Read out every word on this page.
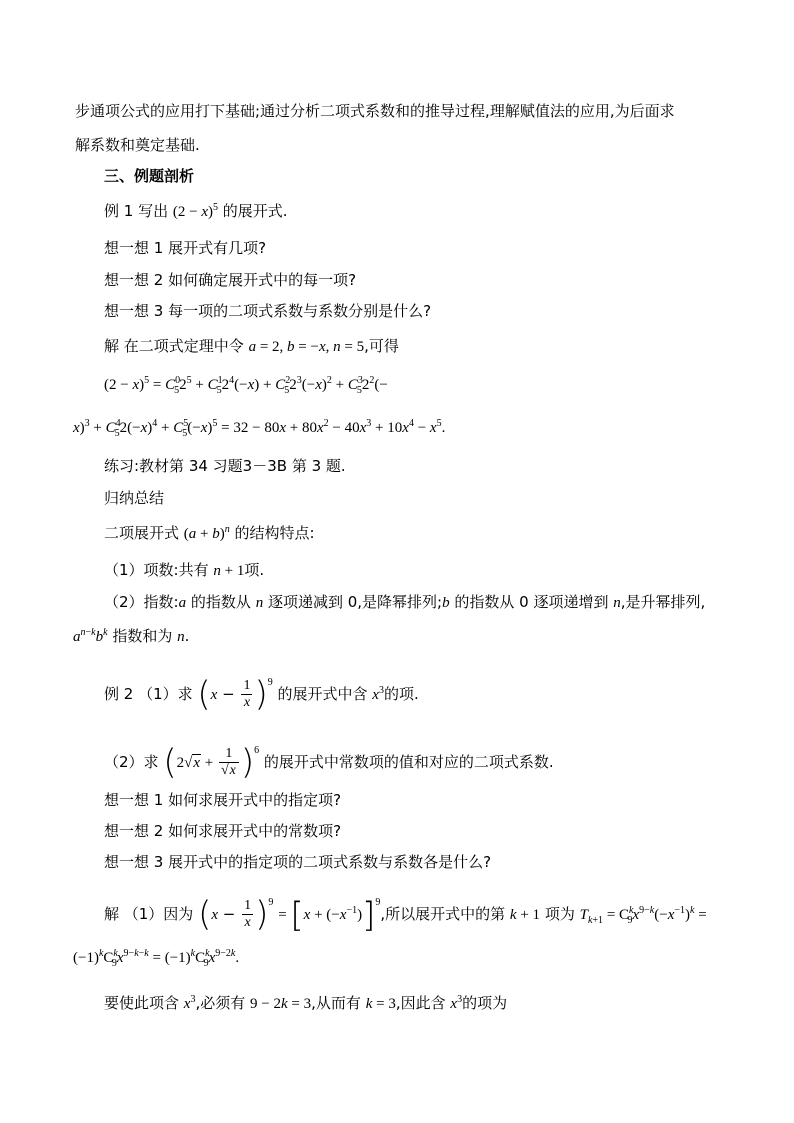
步通项公式的应用打下基础;通过分析二项式系数和的推导过程,理解赋值法的应用,为后面求
解系数和奠定基础.
三、例题剖析
例 1 写出 $(2 - x)^5$ 的展开式.
想一想 1 展开式有几项?
想一想 2 如何确定展开式中的每一项?
想一想 3 每一项的二项式系数与系数分别是什么?
解 在二项式定理中令 a = 2, b = −x, n = 5,可得
$(2 - x)^5 = C^0_52^5 + C^1_52^4(-x) + C^2_52^3(-x)^2 + C^3_52^2(-$
$x)^3 + C^4_52(-x)^4 + C^5_5(-x)^5 = 32 - 80x + 80x^2 - 40x^3 + 10x^4 - x^5$.
练习:教材第 34 习题3－3B 第 3 题.
归纳总结
二项展开式 $(a + b)^n$ 的结构特点:
（1）项数:共有 n + 1项.
（2）指数:a 的指数从 n 逐项递减到 0,是降幂排列;b 的指数从 0 逐项递增到 n,是升幂排列,
$a^{n-k}b^k$ 指数和为 n.
例 2 （1）求 $(x - \frac{1}{x} )^9$ 的展开式中含 $x^3$的项.
（2）求 $(2√x + \frac{1}{√x} )^6$ 的展开式中常数项的值和对应的二项式系数.
想一想 1 如何求展开式中的指定项?
想一想 2 如何求展开式中的常数项?
想一想 3 展开式中的指定项的二项式系数与系数各是什么?
解 （1）因为 $(x - \frac{1}{x} )^9 = [x + (-x^{-1})]^9$,所以展开式中的第 k + 1 项为 $T_{k+1} = C^k_9x^{9-k}(-x^{-1})^k$ =
$(-1)^kC^k_9x^{9-k-k} = (-1)^kC^k_9x^{9-2k}$.
要使此项含 $x^3$,必须有 9 − 2k = 3,从而有 k = 3,因此含 $x^3$的项为
